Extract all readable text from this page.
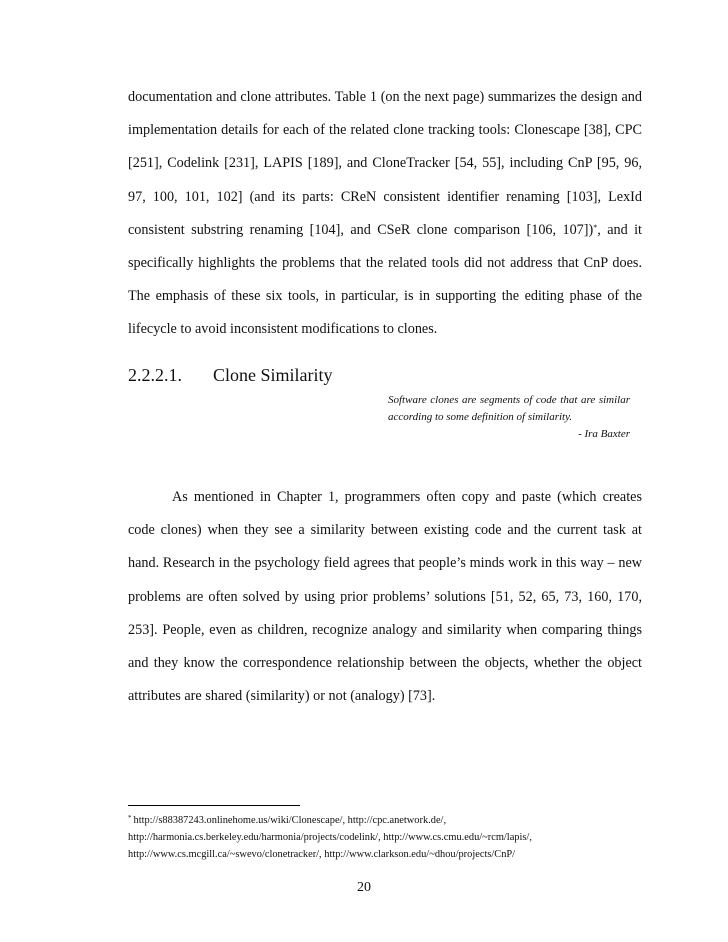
documentation and clone attributes. Table 1 (on the next page) summarizes the design and implementation details for each of the related clone tracking tools: Clonescape [38], CPC [251], Codelink [231], LAPIS [189], and CloneTracker [54, 55], including CnP [95, 96, 97, 100, 101, 102] (and its parts: CReN consistent identifier renaming [103], LexId consistent substring renaming [104], and CSeR clone comparison [106, 107])*, and it specifically highlights the problems that the related tools did not address that CnP does. The emphasis of these six tools, in particular, is in supporting the editing phase of the lifecycle to avoid inconsistent modifications to clones.

2.2.2.1. Clone Similarity

Software clones are segments of code that are similar according to some definition of similarity.

- Ira Baxter

As mentioned in Chapter 1, programmers often copy and paste (which creates code clones) when they see a similarity between existing code and the current task at hand. Research in the psychology field agrees that people’s minds work in this way – new problems are often solved by using prior problems’ solutions [51, 52, 65, 73, 160, 170, 253]. People, even as children, recognize analogy and similarity when comparing things and they know the correspondence relationship between the objects, whether the object attributes are shared (similarity) or not (analogy) [73].

* http://s88387243.onlinehome.us/wiki/Clonescape/, http://cpc.anetwork.de/,

http://harmonia.cs.berkeley.edu/harmonia/projects/codelink/, http://www.cs.cmu.edu/~rcm/lapis/,

http://www.cs.mcgill.ca/~swevo/clonetracker/, http://www.clarkson.edu/~dhou/projects/CnP/

20
